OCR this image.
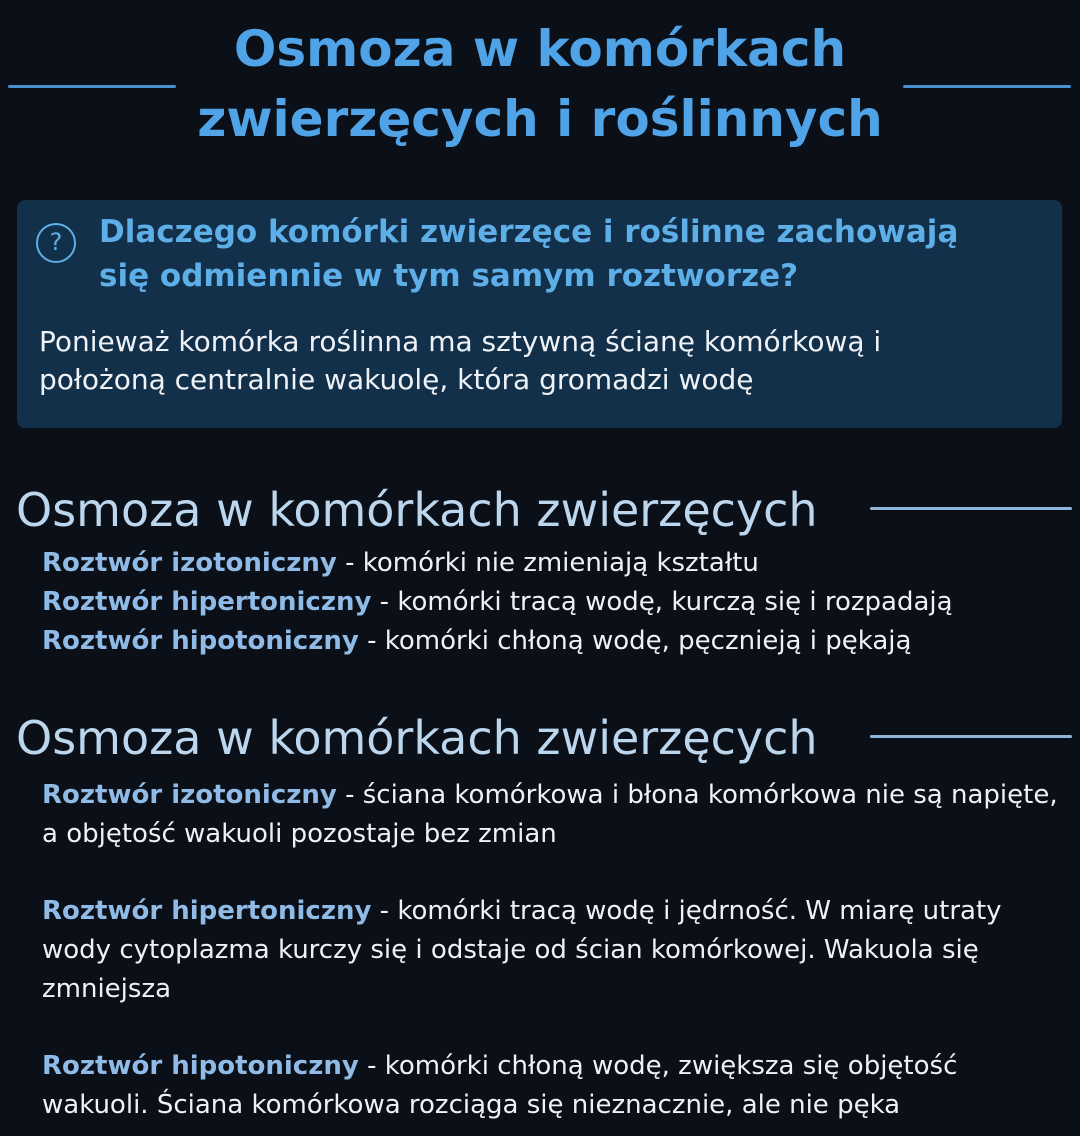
Osmoza w komórkach
zwierzęcych i roślinnych
?	Dlaczego komórki zwierzęce i roślinne zachowają
się odmiennie w tym samym roztworze?
Ponieważ komórka roślinna ma sztywną ścianę komórkową i
położoną centralnie wakuolę, która gromadzi wodę
Osmoza w komórkach zwierzęcych

Roztwór izotoniczny - komórki nie zmieniają kształtu

Roztwór hipertoniczny - komórki tracą wodę, kurczą się i rozpadają

Roztwór hipotoniczny - komórki chłoną wodę, pęcznieją i pękają

Osmoza w komórkach zwierzęcych

Roztwór izotoniczny - ściana komórkowa i błona komórkowa nie są napięte, a objętość wakuoli pozostaje bez zmian

Roztwór hipertoniczny - komórki tracą wodę i jędrność. W miarę utraty wody cytoplazma kurczy się i odstaje od ścian komórkowej. Wakuola się zmniejsza

Roztwór hipotoniczny - komórki chłoną wodę, zwiększa się objętość wakuoli. Ściana komórkowa rozciąga się nieznacznie, ale nie pęka
